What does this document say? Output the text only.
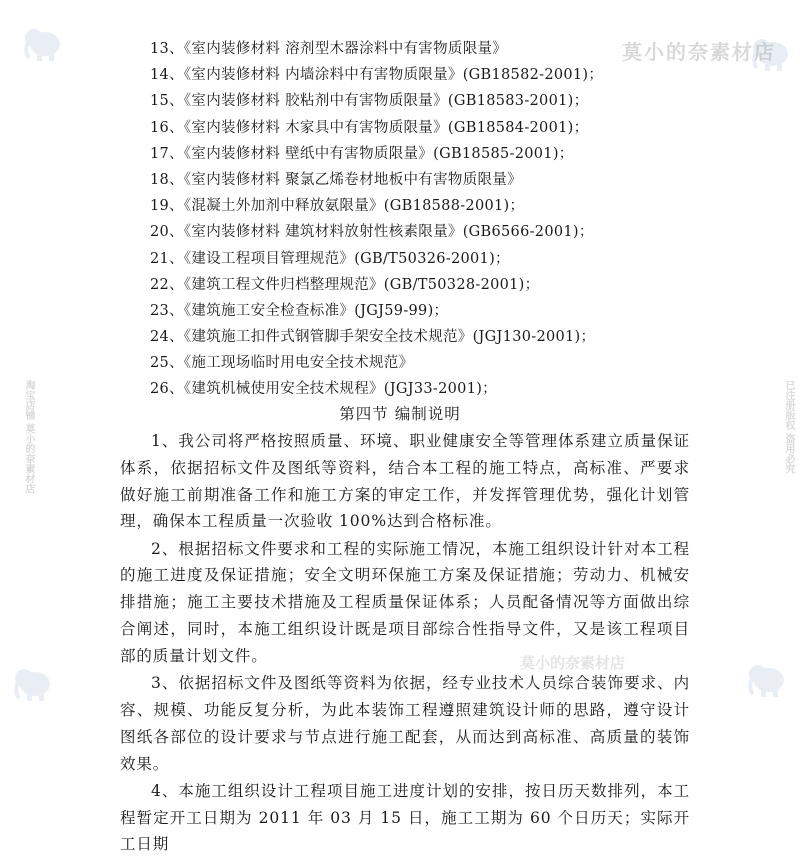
13、《室内装修材料 溶剂型木器涂料中有害物质限量》
14、《室内装修材料 内墙涂料中有害物质限量》(GB18582-2001)；
15、《室内装修材料 胶粘剂中有害物质限量》(GB18583-2001)；
16、《室内装修材料 木家具中有害物质限量》(GB18584-2001)；
17、《室内装修材料 壁纸中有害物质限量》(GB18585-2001)；
18、《室内装修材料 聚氯乙烯卷材地板中有害物质限量》
19、《混凝土外加剂中释放氨限量》(GB18588-2001)；
20、《室内装修材料 建筑材料放射性核素限量》(GB6566-2001)；
21、《建设工程项目管理规范》(GB/T50326-2001)；
22、《建筑工程文件归档整理规范》(GB/T50328-2001)；
23、《建筑施工安全检查标准》(JGJ59-99)；
24、《建筑施工扣件式钢管脚手架安全技术规范》(JGJ130-2001)；
25、《施工现场临时用电安全技术规范》
26、《建筑机械使用安全技术规程》(JGJ33-2001)；
第四节 编制说明

1、我公司将严格按照质量、环境、职业健康安全等管理体系建立质量保证体系，依据招标文件及图纸等资料，结合本工程的施工特点，高标准、严要求做好施工前期准备工作和施工方案的审定工作，并发挥管理优势，强化计划管理，确保本工程质量一次验收 100%达到合格标准。

2、根据招标文件要求和工程的实际施工情况，本施工组织设计针对本工程的施工进度及保证措施；安全文明环保施工方案及保证措施；劳动力、机械安排措施；施工主要技术措施及工程质量保证体系；人员配备情况等方面做出综合阐述，同时，本施工组织设计既是项目部综合性指导文件，又是该工程项目部的质量计划文件。

3、依据招标文件及图纸等资料为依据，经专业技术人员综合装饰要求、内容、规模、功能反复分析，为此本装饰工程遵照建筑设计师的思路，遵守设计图纸各部位的设计要求与节点进行施工配套，从而达到高标准、高质量的装饰效果。

4、本施工组织设计工程项目施工进度计划的安排，按日历天数排列，本工程暂定开工日期为 2011 年 03 月 15 日，施工工期为 60 个日历天；实际开工日期

莫小的奈素材店
莫小的奈素材店
淘宝店铺 莫小的奈素材店	已注册版权 盗用必究
